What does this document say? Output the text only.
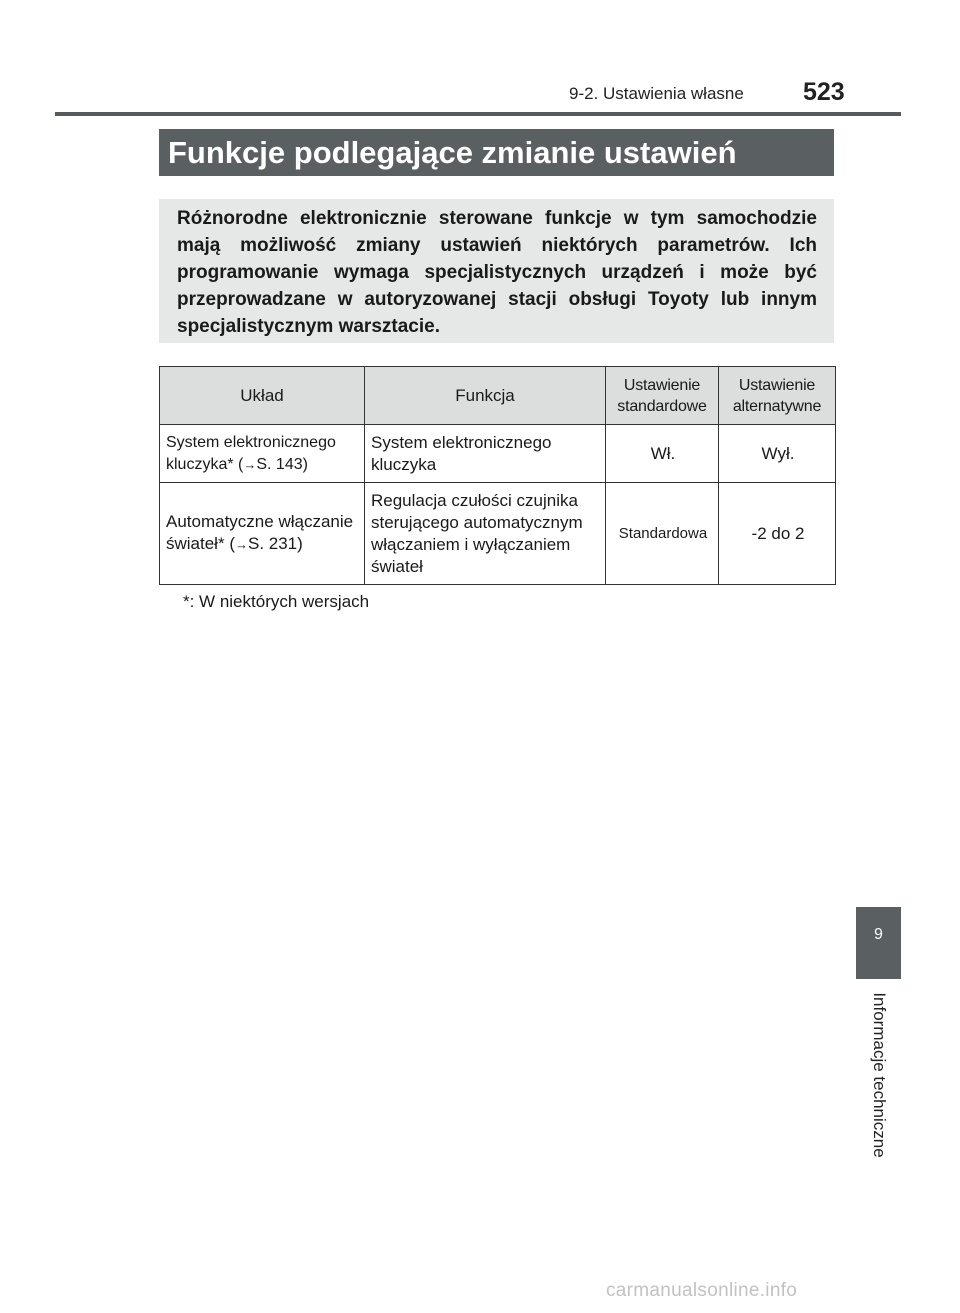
9-2. Ustawienia własne 523
Funkcje podlegające zmianie ustawień
Różnorodne elektronicznie sterowane funkcje w tym samochodzie mają możliwość zmiany ustawień niektórych parametrów. Ich programowanie wymaga specjalistycznych urządzeń i może być przeprowadzane w autoryzowanej stacji obsługi Toyoty lub innym specjalistycznym warsztacie.
Układ	Funkcja	Ustawienie standardowe	Ustawienie alternatywne
System elektronicznego kluczyka* (→S. 143)	System elektronicznego kluczyka	Wł.	Wył.
Automatyczne włączanie świateł* (→S. 231)	Regulacja czułości czujnika sterującego automatycznym włączaniem i wyłączaniem świateł	Standardowa	-2 do 2
*: W niektórych wersjach
9
Informacje techniczne
carmanualsonline.info
